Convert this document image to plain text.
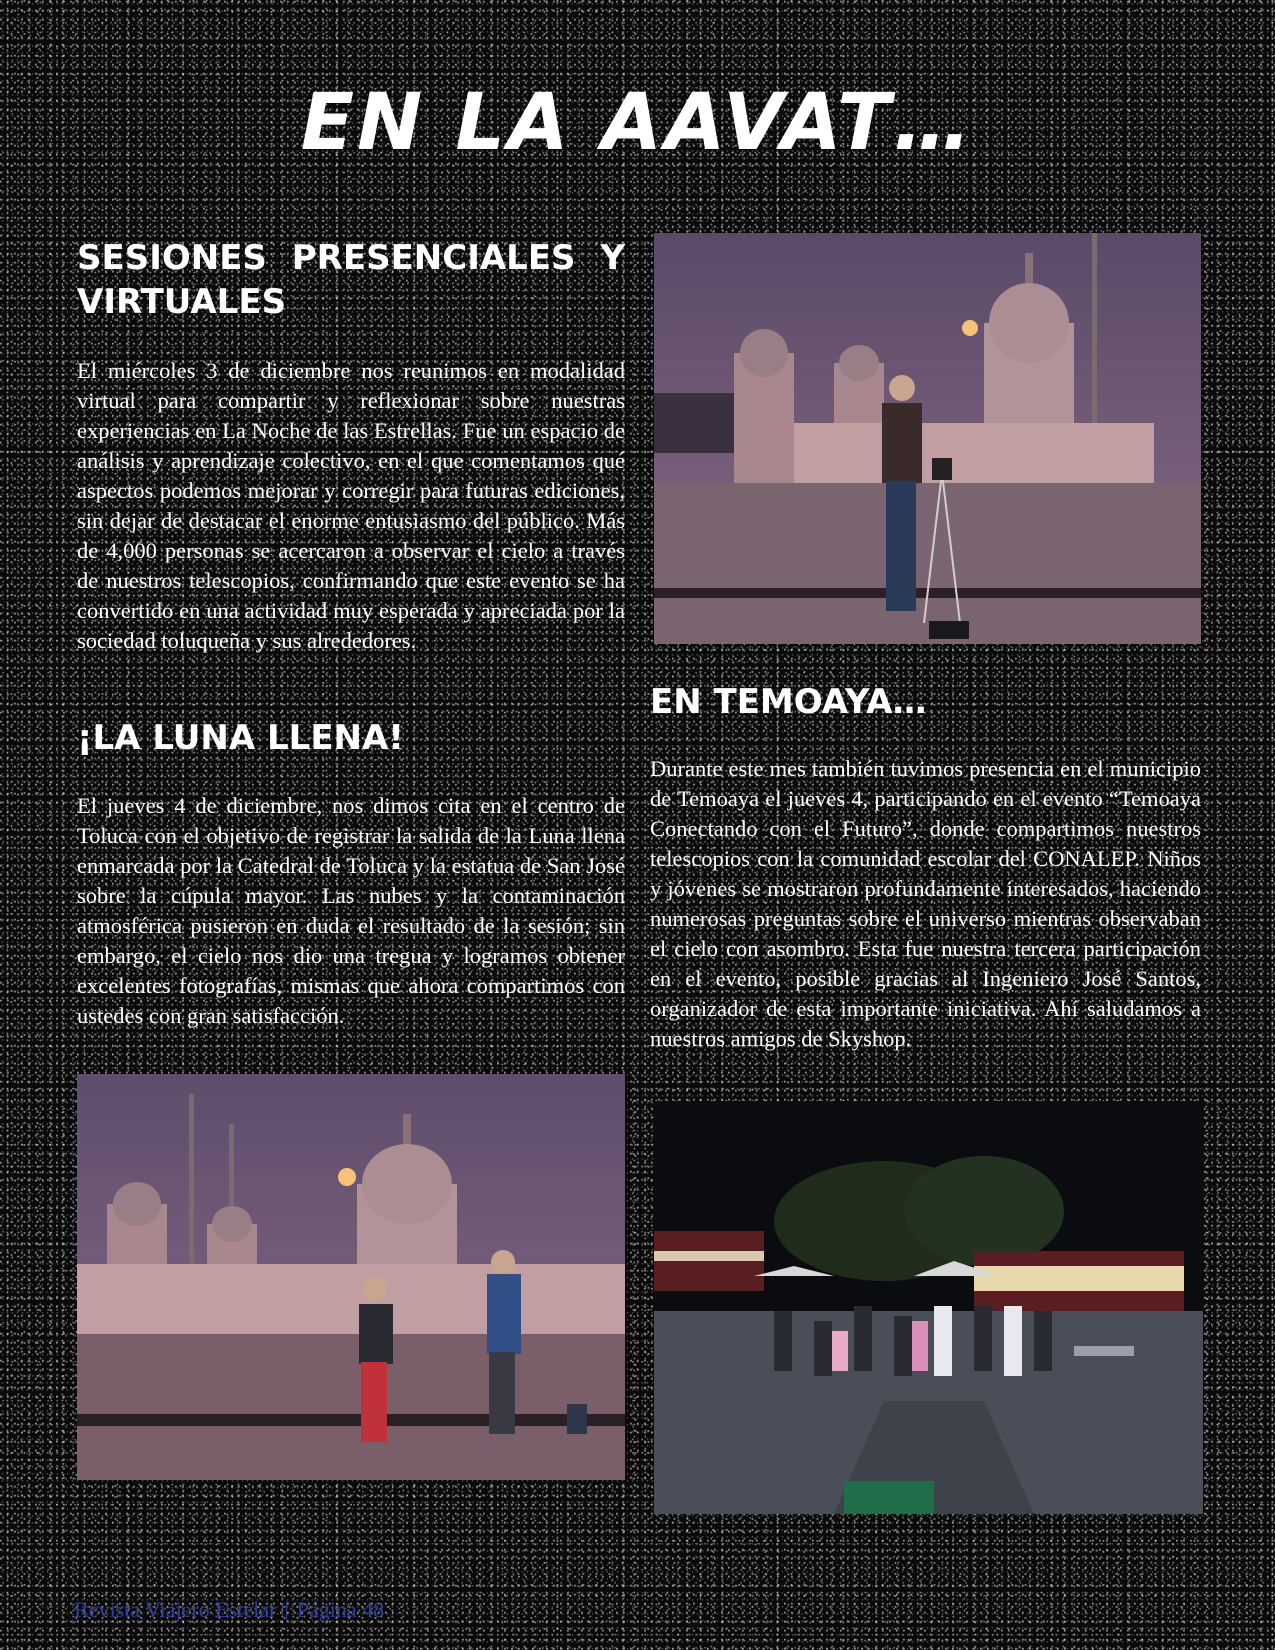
EN LA AAVAT…
SESIONES PRESENCIALES Y VIRTUALES

El miércoles 3 de diciembre nos reunimos en modalidad virtual para compartir y reflexionar sobre nuestras experiencias en La Noche de las Estrellas. Fue un espacio de análisis y aprendizaje colectivo, en el que comentamos qué aspectos podemos mejorar y corregir para futuras ediciones, sin dejar de destacar el enorme entusiasmo del público. Más de 4,000 personas se acercaron a observar el cielo a través de nuestros telescopios, confirmando que este evento se ha convertido en una actividad muy esperada y apreciada por la sociedad toluqueña y sus alrededores.

¡LA LUNA LLENA!

El jueves 4 de diciembre, nos dimos cita en el centro de Toluca con el objetivo de registrar la salida de la Luna llena enmarcada por la Catedral de Toluca y la estatua de San José sobre la cúpula mayor. Las nubes y la contaminación atmosférica pusieron en duda el resultado de la sesión; sin embargo, el cielo nos dio una tregua y logramos obtener excelentes fotografías, mismas que ahora compartimos con ustedes con gran satisfacción.

EN TEMOAYA…

Durante este mes también tuvimos presencia en el municipio de Temoaya el jueves 4, participando en el evento “Temoaya Conectando con el Futuro”, donde compartimos nuestros telescopios con la comunidad escolar del CONALEP. Niños y jóvenes se mostraron profundamente interesados, haciendo numerosas preguntas sobre el universo mientras observaban el cielo con asombro. Esta fue nuestra tercera participación en el evento, posible gracias al Ingeniero José Santos, organizador de esta importante iniciativa. Ahí saludamos a nuestros amigos de Skyshop.

Revista Viajero Estelar | Página 48
